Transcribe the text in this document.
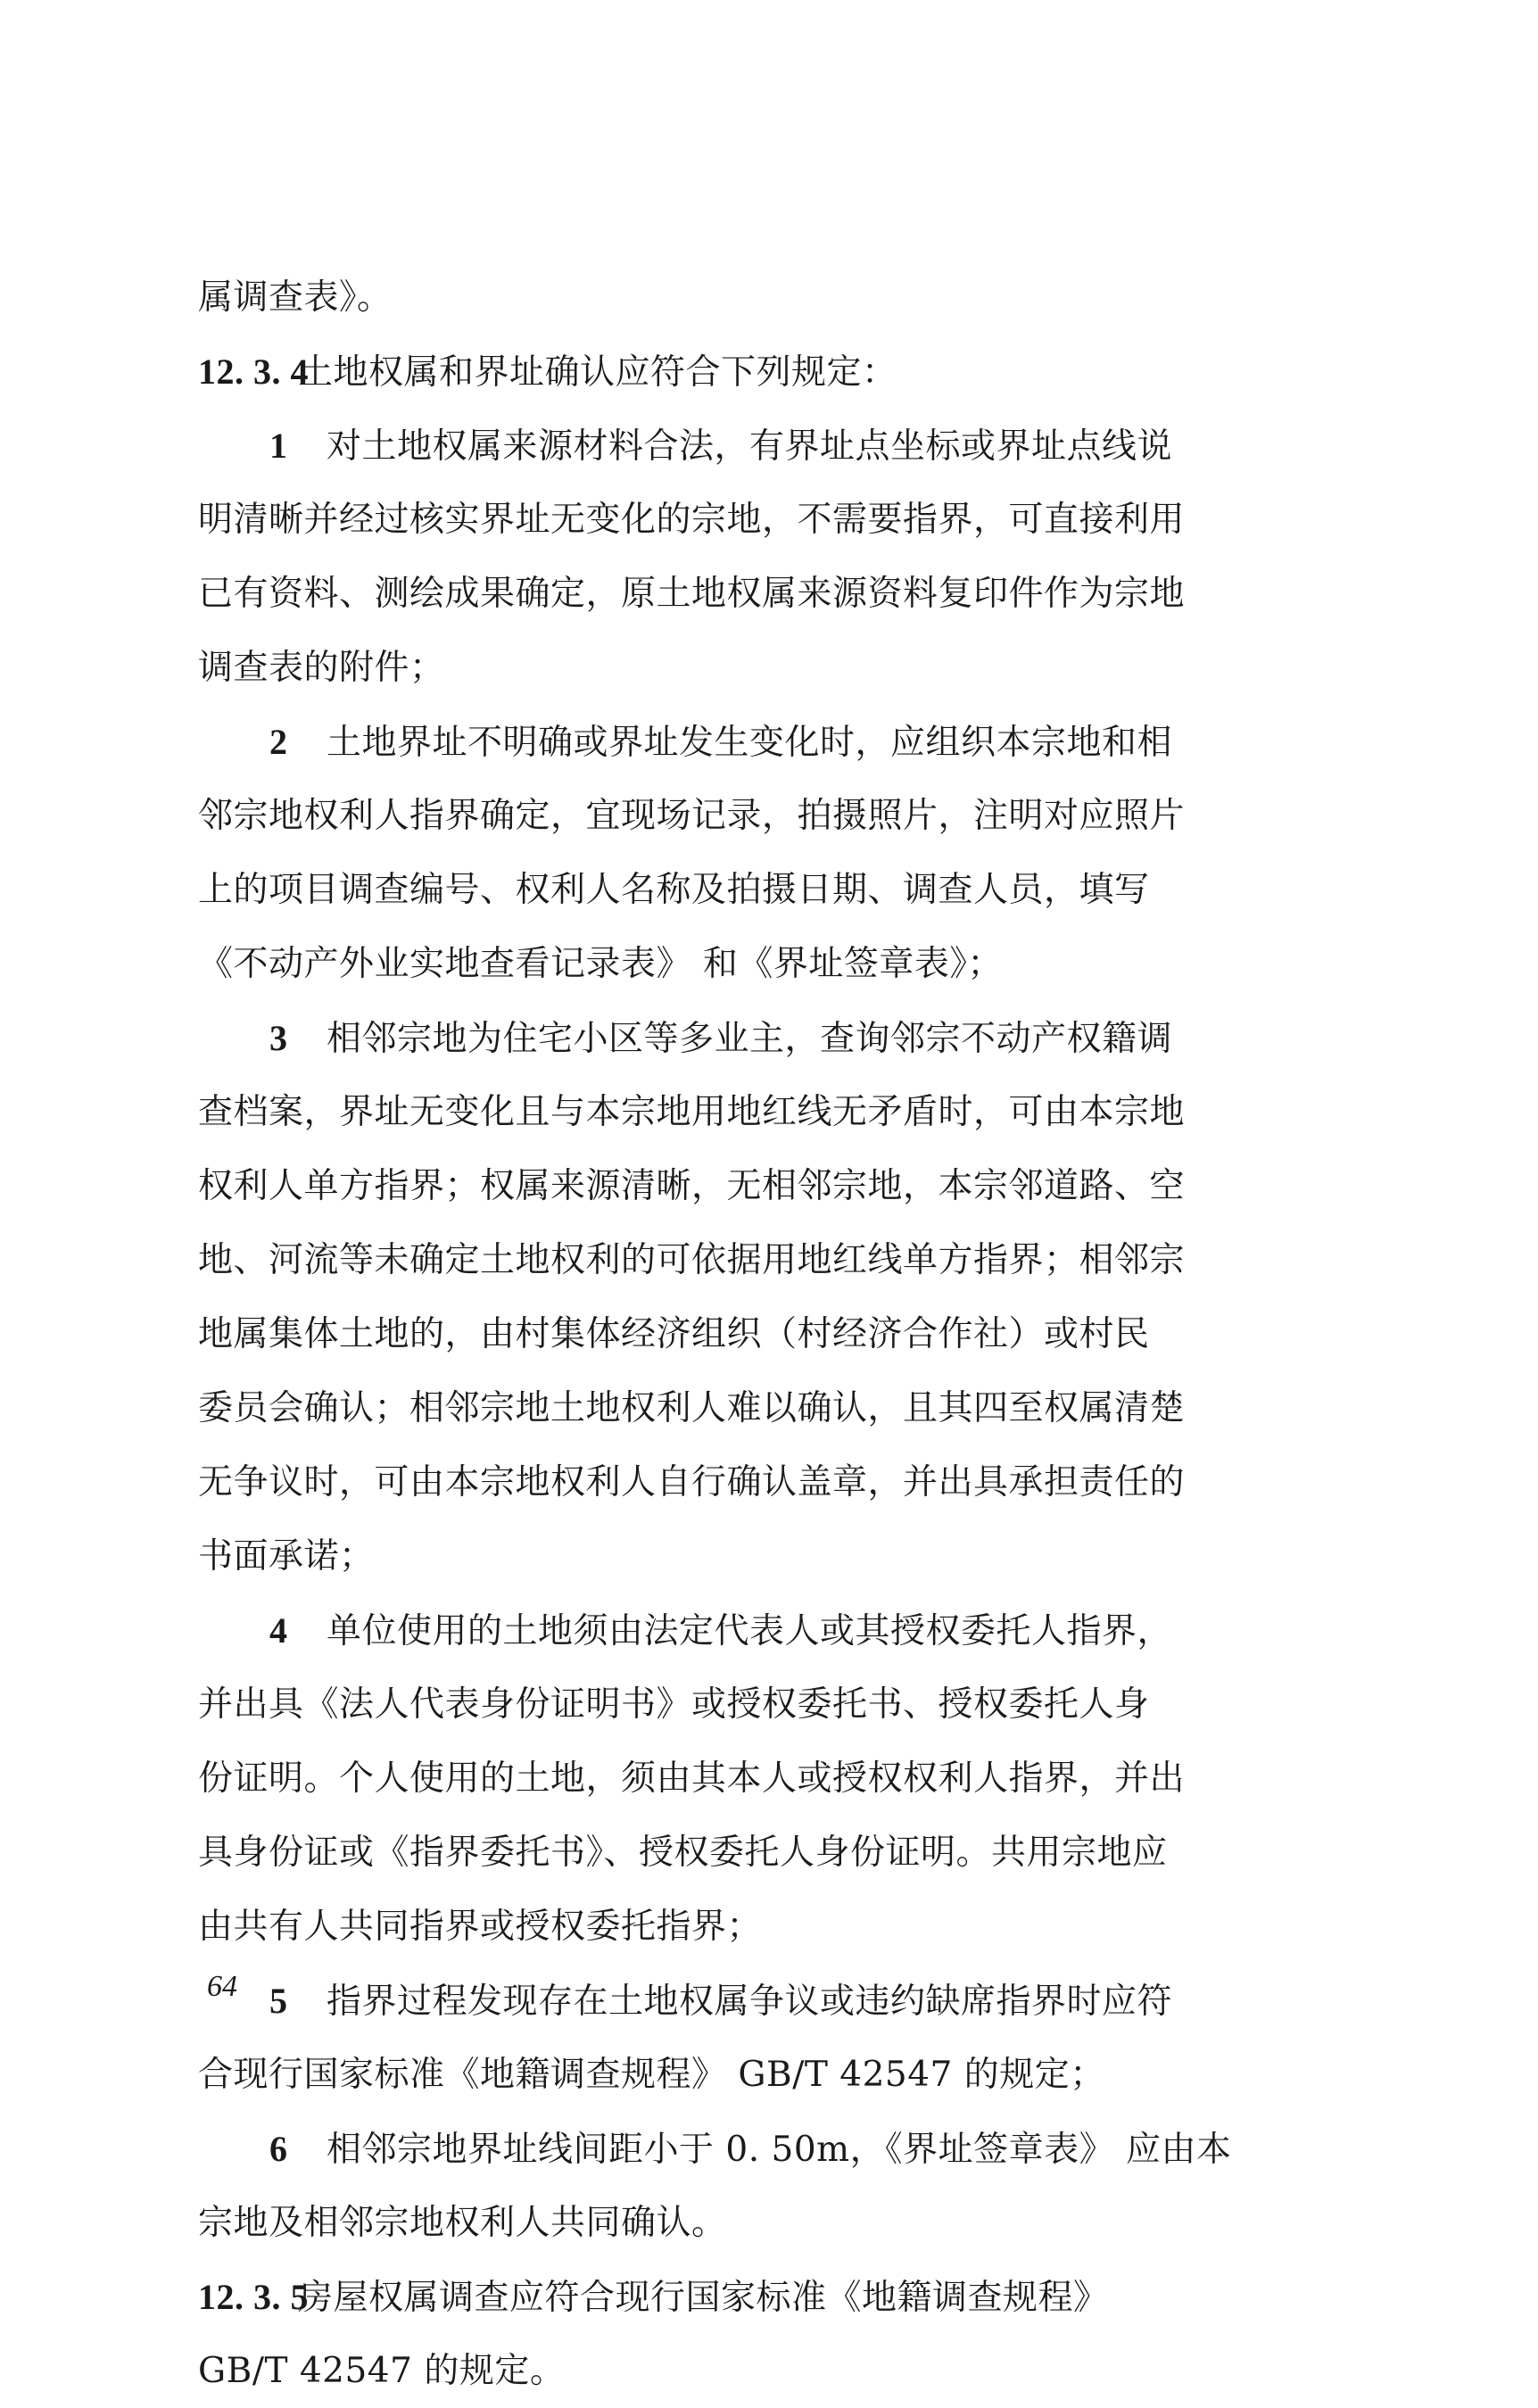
属调查表》。
12. 3. 4土地权属和界址确认应符合下列规定：
1 对土地权属来源材料合法，有界址点坐标或界址点线说
明清晰并经过核实界址无变化的宗地，不需要指界，可直接利用
已有资料、测绘成果确定，原土地权属来源资料复印件作为宗地
调查表的附件；
2 土地界址不明确或界址发生变化时，应组织本宗地和相
邻宗地权利人指界确定，宜现场记录，拍摄照片，注明对应照片
上的项目调查编号、权利人名称及拍摄日期、调查人员，填写
《不动产外业实地查看记录表》 和《界址签章表》；
3 相邻宗地为住宅小区等多业主，查询邻宗不动产权籍调
查档案，界址无变化且与本宗地用地红线无矛盾时，可由本宗地
权利人单方指界；权属来源清晰，无相邻宗地，本宗邻道路、空
地、河流等未确定土地权利的可依据用地红线单方指界；相邻宗
地属集体土地的，由村集体经济组织（村经济合作社）或村民
委员会确认；相邻宗地土地权利人难以确认，且其四至权属清楚
无争议时，可由本宗地权利人自行确认盖章，并出具承担责任的
书面承诺；
4 单位使用的土地须由法定代表人或其授权委托人指界，
并出具《法人代表身份证明书》或授权委托书、授权委托人身
份证明。个人使用的土地，须由其本人或授权权利人指界，并出
具身份证或《指界委托书》、授权委托人身份证明。共用宗地应
由共有人共同指界或授权委托指界；
5 指界过程发现存在土地权属争议或违约缺席指界时应符
合现行国家标准《地籍调查规程》 GB/T 42547 的规定；
6 相邻宗地界址线间距小于 0. 50m，《界址签章表》 应由本
宗地及相邻宗地权利人共同确认。
12. 3. 5房屋权属调查应符合现行国家标准《地籍调查规程》
GB/T 42547 的规定。
64
